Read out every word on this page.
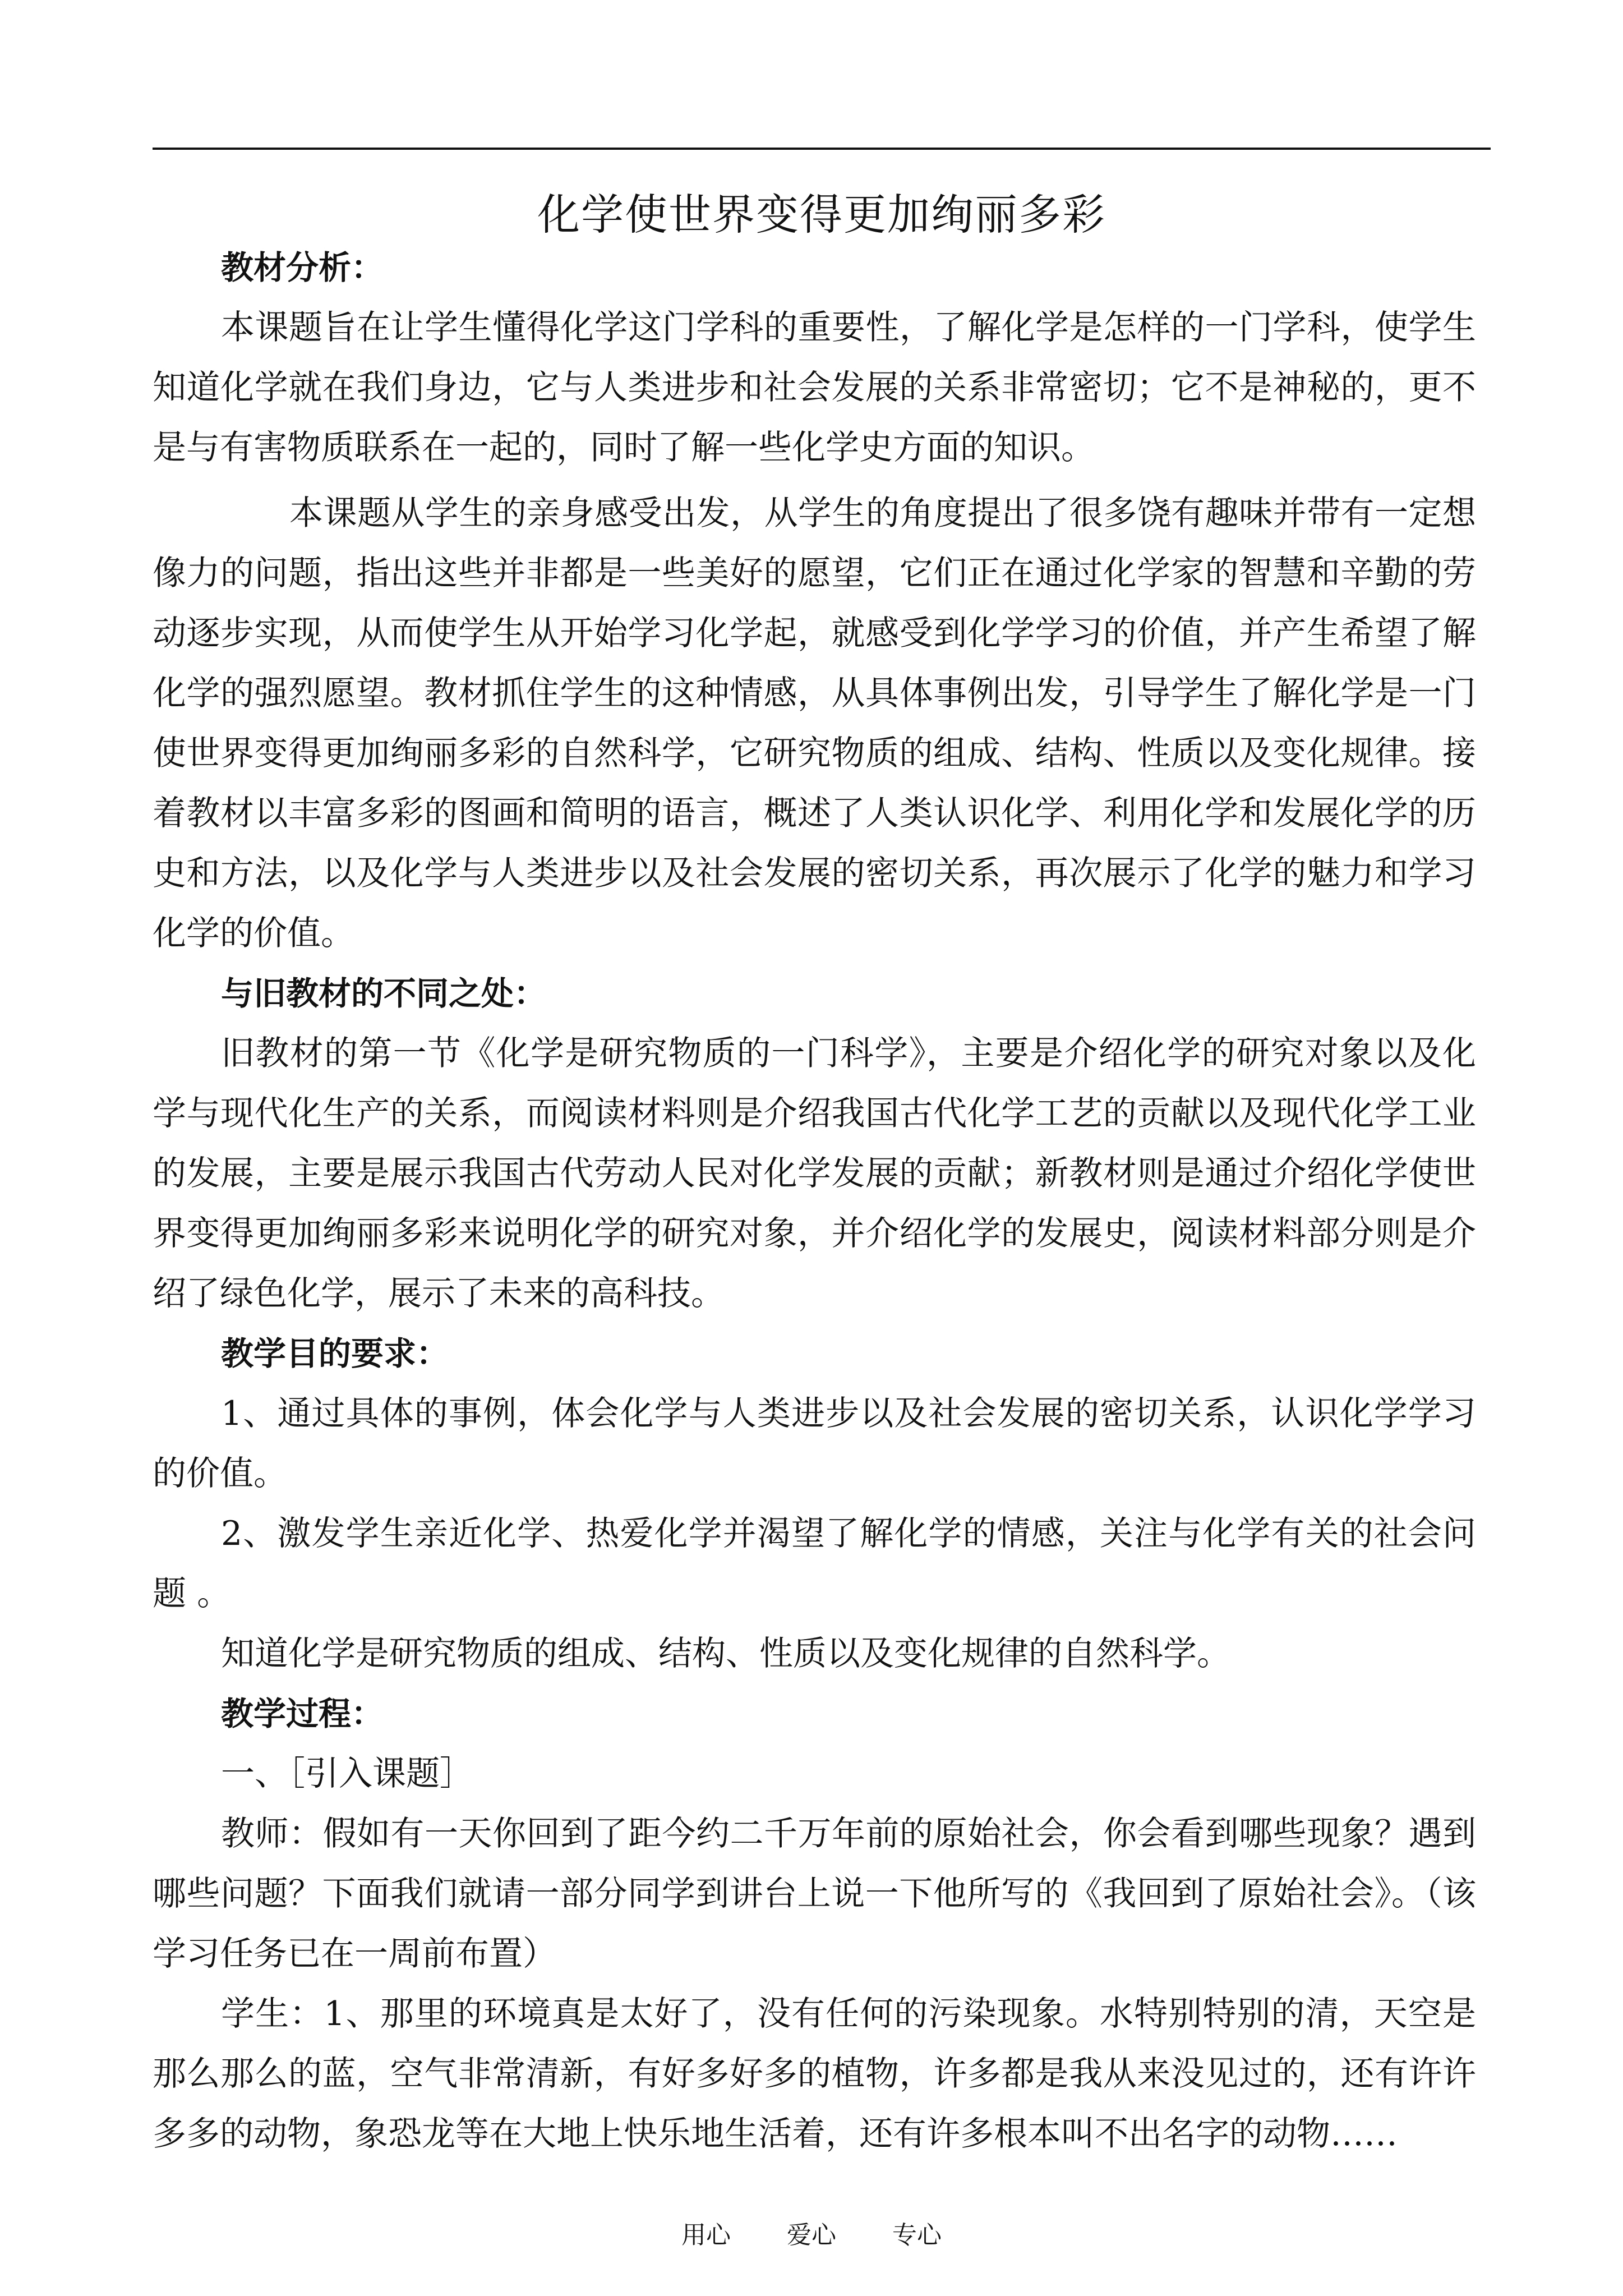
化学使世界变得更加绚丽多彩

教材分析：

本课题旨在让学生懂得化学这门学科的重要性，了解化学是怎样的一门学科，使学生知道化学就在我们身边，它与人类进步和社会发展的关系非常密切；它不是神秘的，更不是与有害物质联系在一起的，同时了解一些化学史方面的知识。

本课题从学生的亲身感受出发，从学生的角度提出了很多饶有趣味并带有一定想像力的问题，指出这些并非都是一些美好的愿望，它们正在通过化学家的智慧和辛勤的劳动逐步实现，从而使学生从开始学习化学起，就感受到化学学习的价值，并产生希望了解化学的强烈愿望。教材抓住学生的这种情感，从具体事例出发，引导学生了解化学是一门使世界变得更加绚丽多彩的自然科学，它研究物质的组成、结构、性质以及变化规律。接着教材以丰富多彩的图画和简明的语言，概述了人类认识化学、利用化学和发展化学的历史和方法，以及化学与人类进步以及社会发展的密切关系，再次展示了化学的魅力和学习化学的价值。

与旧教材的不同之处：

旧教材的第一节《化学是研究物质的一门科学》，主要是介绍化学的研究对象以及化学与现代化生产的关系，而阅读材料则是介绍我国古代化学工艺的贡献以及现代化学工业的发展，主要是展示我国古代劳动人民对化学发展的贡献；新教材则是通过介绍化学使世界变得更加绚丽多彩来说明化学的研究对象，并介绍化学的发展史，阅读材料部分则是介绍了绿色化学，展示了未来的高科技。

教学目的要求：

1、通过具体的事例，体会化学与人类进步以及社会发展的密切关系，认识化学学习的价值。

2、激发学生亲近化学、热爱化学并渴望了解化学的情感，关注与化学有关的社会问题 。

知道化学是研究物质的组成、结构、性质以及变化规律的自然科学。

教学过程：

一、［引入课题］

教师：假如有一天你回到了距今约二千万年前的原始社会，你会看到哪些现象？遇到哪些问题？下面我们就请一部分同学到讲台上说一下他所写的《我回到了原始社会》。（该学习任务已在一周前布置）

学生：1、那里的环境真是太好了，没有任何的污染现象。水特别特别的清，天空是那么那么的蓝，空气非常清新，有好多好多的植物，许多都是我从来没见过的，还有许许多多的动物，象恐龙等在大地上快乐地生活着，还有许多根本叫不出名字的动物……

用心 爱心 专心
